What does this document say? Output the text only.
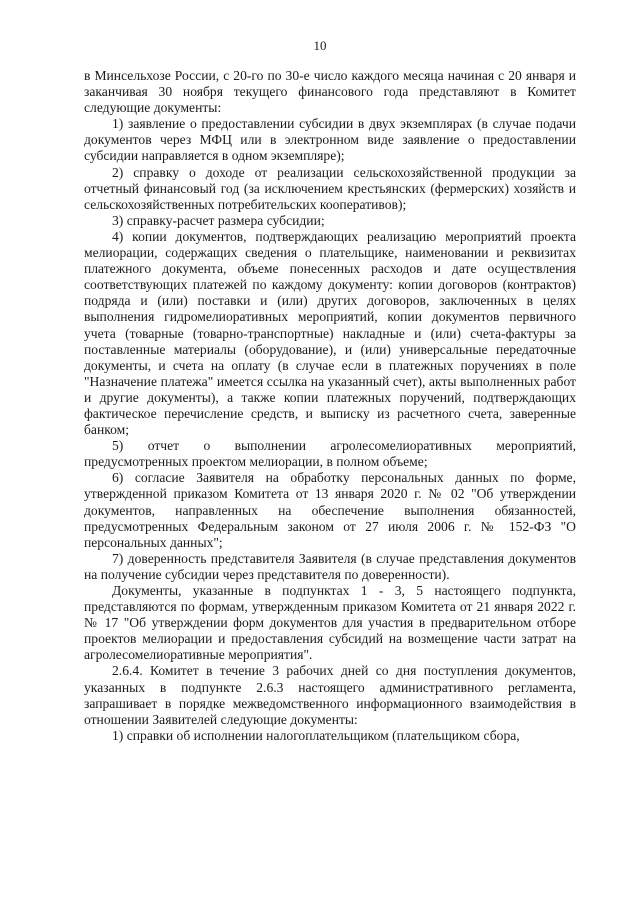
10

в Минсельхозе России, с 20-го по 30-е число каждого месяца начиная с 20 января и заканчивая 30 ноября текущего финансового года представляют в Комитет следующие документы:

1) заявление о предоставлении субсидии в двух экземплярах (в случае подачи документов через МФЦ или в электронном виде заявление о предоставлении субсидии направляется в одном экземпляре);

2) справку о доходе от реализации сельскохозяйственной продукции за отчетный финансовый год (за исключением крестьянских (фермерских) хозяйств и сельскохозяйственных потребительских кооперативов);

3) справку-расчет размера субсидии;

4) копии документов, подтверждающих реализацию мероприятий проекта мелиорации, содержащих сведения о плательщике, наименовании и реквизитах платежного документа, объеме понесенных расходов и дате осуществления соответствующих платежей по каждому документу: копии договоров (контрактов) подряда и (или) поставки и (или) других договоров, заключенных в целях выполнения гидромелиоративных мероприятий, копии документов первичного учета (товарные (товарно-транспортные) накладные и (или) счета-фактуры за поставленные материалы (оборудование), и (или) универсальные передаточные документы, и счета на оплату (в случае если в платежных поручениях в поле "Назначение платежа" имеется ссылка на указанный счет), акты выполненных работ и другие документы), а также копии платежных поручений, подтверждающих фактическое перечисление средств, и выписку из расчетного счета, заверенные банком;

5) отчет о выполнении агролесомелиоративных мероприятий, предусмотренных проектом мелиорации, в полном объеме;

6) согласие Заявителя на обработку персональных данных по форме, утвержденной приказом Комитета от 13 января 2020 г. № 02 "Об утверждении документов, направленных на обеспечение выполнения обязанностей, предусмотренных Федеральным законом от 27 июля 2006 г. № 152-ФЗ "О персональных данных";

7) доверенность представителя Заявителя (в случае представления документов на получение субсидии через представителя по доверенности).

Документы, указанные в подпунктах 1 - 3, 5 настоящего подпункта, представляются по формам, утвержденным приказом Комитета от 21 января 2022 г. № 17 "Об утверждении форм документов для участия в предварительном отборе проектов мелиорации и предоставления субсидий на возмещение части затрат на агролесомелиоративные мероприятия".

2.6.4. Комитет в течение 3 рабочих дней со дня поступления документов, указанных в подпункте 2.6.3 настоящего административного регламента, запрашивает в порядке межведомственного информационного взаимодействия в отношении Заявителей следующие документы:

1) справки об исполнении налогоплательщиком (плательщиком сбора,
